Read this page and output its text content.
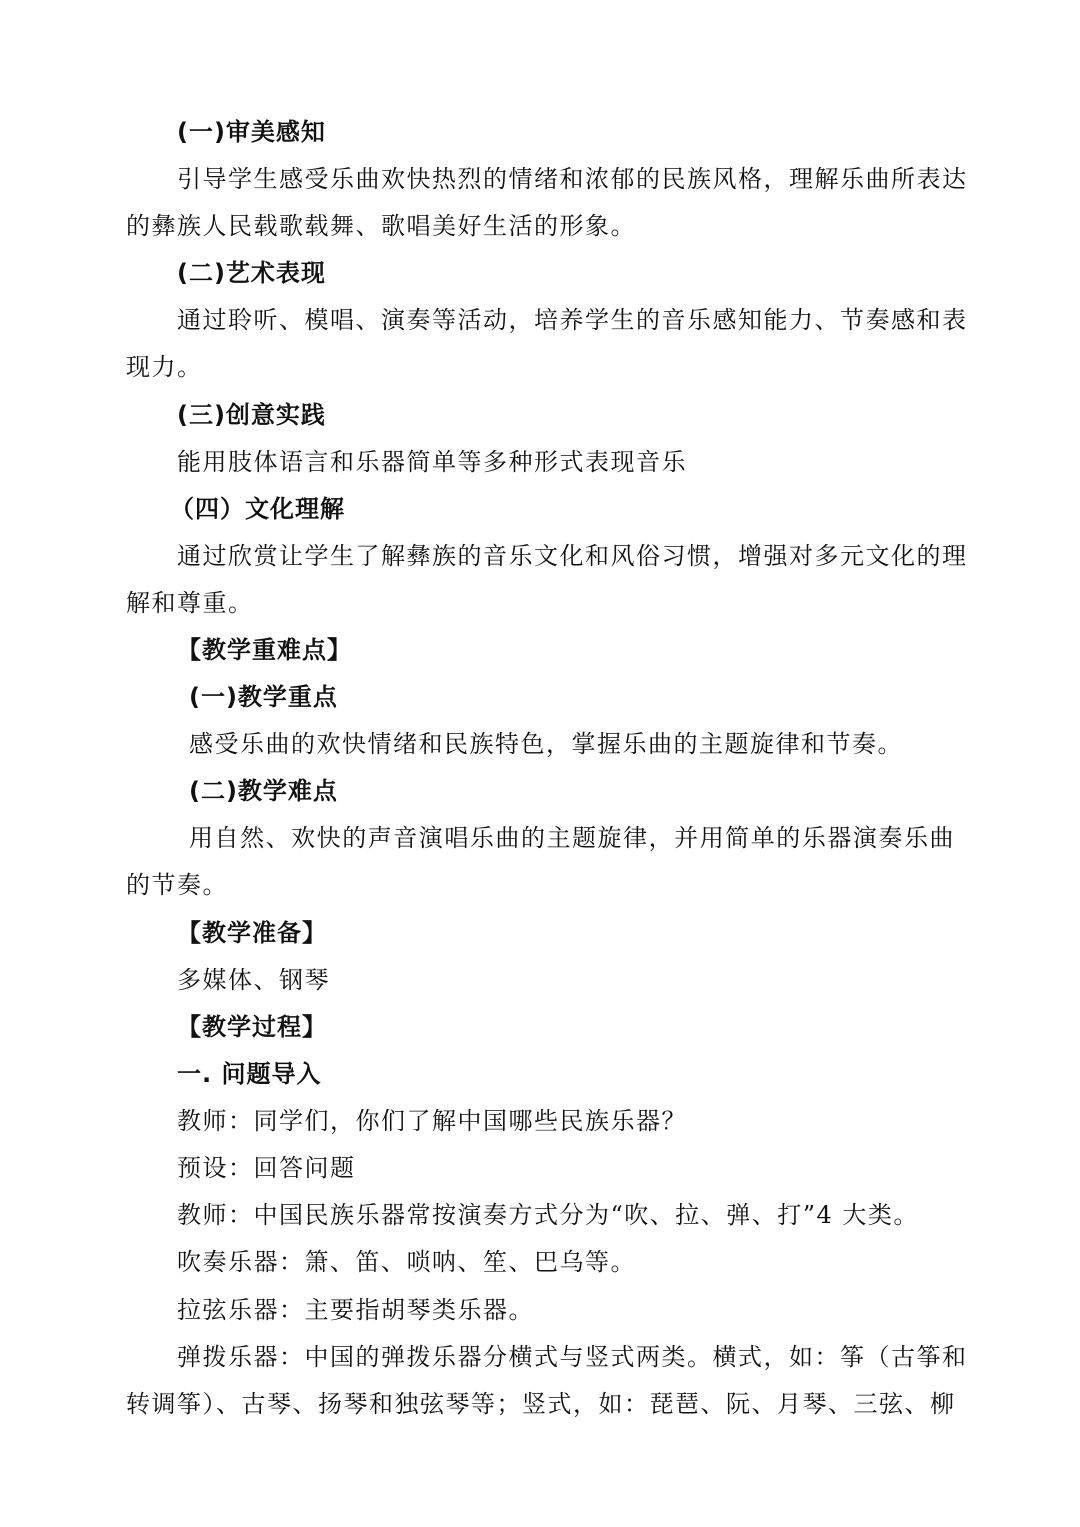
(一)审美感知
引导学生感受乐曲欢快热烈的情绪和浓郁的民族风格，理解乐曲所表达
的彝族人民载歌载舞、歌唱美好生活的形象。
(二)艺术表现
通过聆听、模唱、演奏等活动，培养学生的音乐感知能力、节奏感和表
现力。
(三)创意实践
能用肢体语言和乐器简单等多种形式表现音乐
（四）文化理解
通过欣赏让学生了解彝族的音乐文化和风俗习惯，增强对多元文化的理
解和尊重。
【教学重难点】
(一)教学重点
感受乐曲的欢快情绪和民族特色，掌握乐曲的主题旋律和节奏。
(二)教学难点
用自然、欢快的声音演唱乐曲的主题旋律，并用简单的乐器演奏乐曲
的节奏。
【教学准备】
多媒体、钢琴
【教学过程】
一. 问题导入
教师：同学们，你们了解中国哪些民族乐器？
预设：回答问题
教师：中国民族乐器常按演奏方式分为“吹、拉、弹、打”4 大类。
吹奏乐器：箫、笛、唢呐、笙、巴乌等。
拉弦乐器：主要指胡琴类乐器。
弹拨乐器：中国的弹拨乐器分横式与竖式两类。横式，如：筝（古筝和
转调筝）、古琴、扬琴和独弦琴等；竖式，如：琵琶、阮、月琴、三弦、柳
